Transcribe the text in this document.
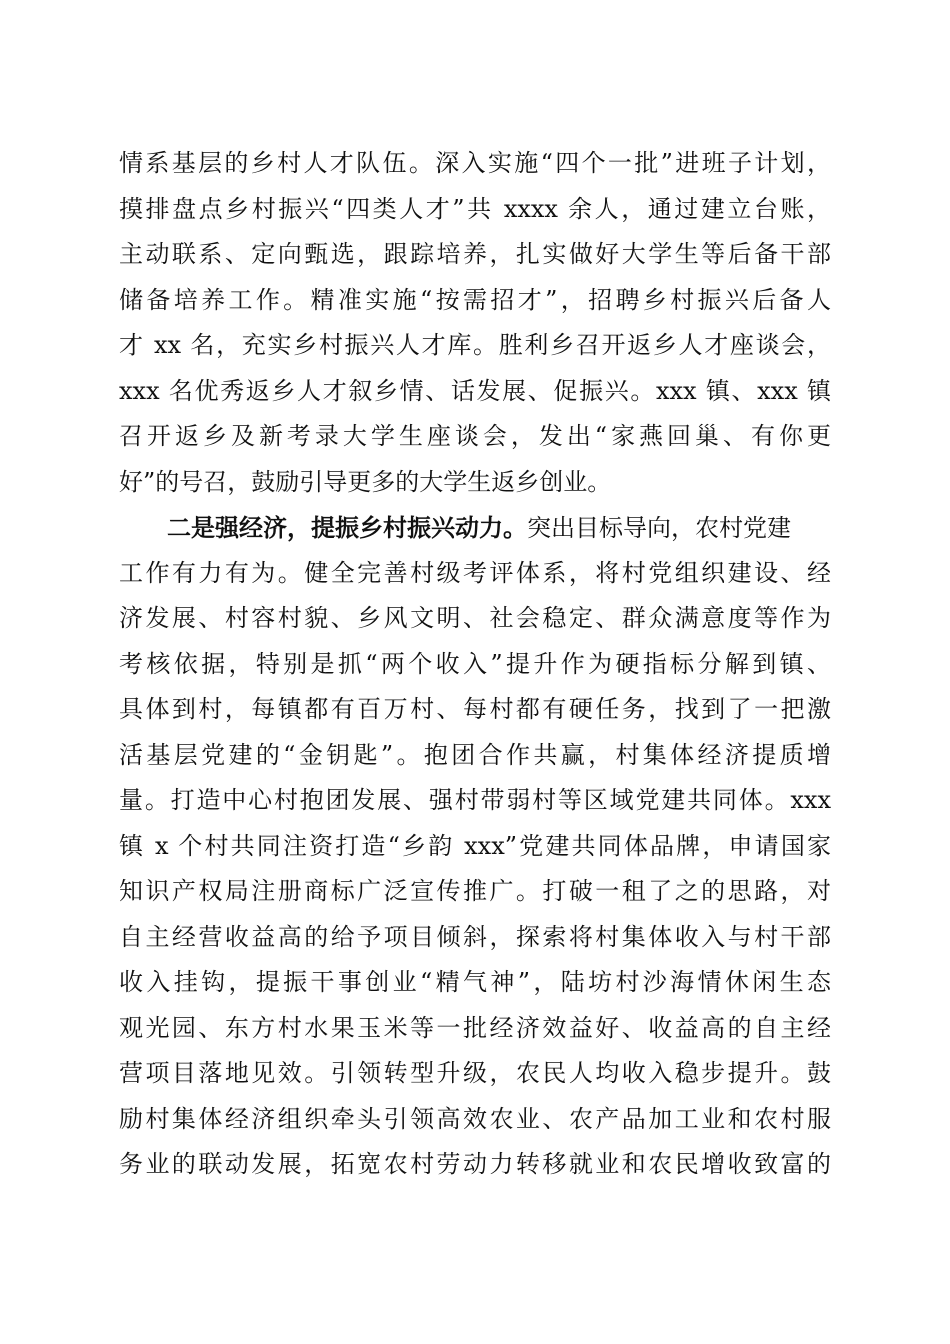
情系基层的乡村人才队伍。深入实施“四个一批”进班子计划，
摸排盘点乡村振兴“四类人才”共 xxxx 余人，通过建立台账，
主动联系、定向甄选，跟踪培养，扎实做好大学生等后备干部
储备培养工作。精准实施“按需招才”，招聘乡村振兴后备人
才 xx 名，充实乡村振兴人才库。胜利乡召开返乡人才座谈会，
xxx 名优秀返乡人才叙乡情、话发展、促振兴。xxx 镇、xxx 镇
召开返乡及新考录大学生座谈会，发出“家燕回巢、有你更
好”的号召，鼓励引导更多的大学生返乡创业。
二是强经济，提振乡村振兴动力。突出目标导向，农村党建
工作有力有为。健全完善村级考评体系，将村党组织建设、经
济发展、村容村貌、乡风文明、社会稳定、群众满意度等作为
考核依据，特别是抓“两个收入”提升作为硬指标分解到镇、
具体到村，每镇都有百万村、每村都有硬任务，找到了一把激
活基层党建的“金钥匙”。抱团合作共赢，村集体经济提质增
量。打造中心村抱团发展、强村带弱村等区域党建共同体。xxx
镇 x 个村共同注资打造“乡韵 xxx”党建共同体品牌，申请国家
知识产权局注册商标广泛宣传推广。打破一租了之的思路，对
自主经营收益高的给予项目倾斜，探索将村集体收入与村干部
收入挂钩，提振干事创业“精气神”，陆坊村沙海情休闲生态
观光园、东方村水果玉米等一批经济效益好、收益高的自主经
营项目落地见效。引领转型升级，农民人均收入稳步提升。鼓
励村集体经济组织牵头引领高效农业、农产品加工业和农村服
务业的联动发展，拓宽农村劳动力转移就业和农民增收致富的
